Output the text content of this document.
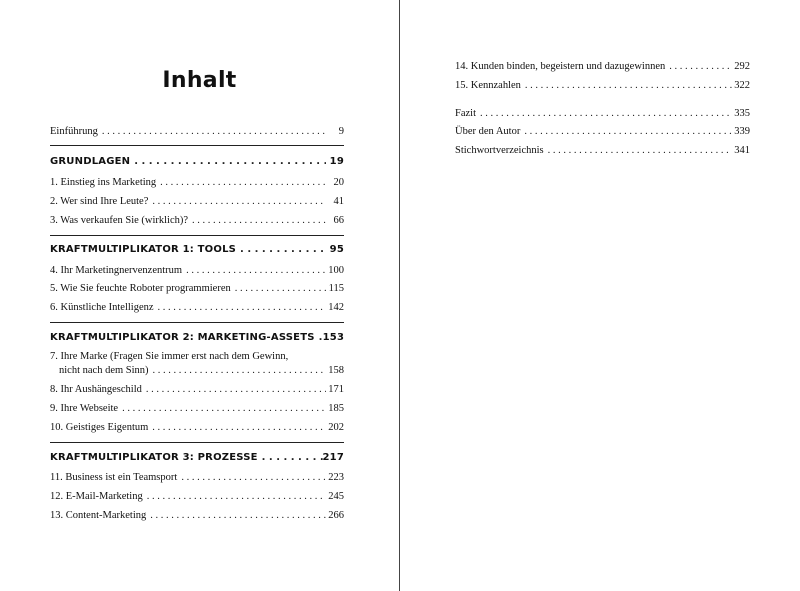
Inhalt
Einführung . . .	9
GRUNDLAGEN . . .	19
1. Einstieg ins Marketing . . .	20
2. Wer sind Ihre Leute? . . .	41
3. Was verkaufen Sie (wirklich)? . . .	66
KRAFTMULTIPLIKATOR 1: TOOLS . . .	95
4. Ihr Marketingnervenzentrum . . .	100
5. Wie Sie feuchte Roboter programmieren . . .	115
6. Künstliche Intelligenz . . .	142
KRAFTMULTIPLIKATOR 2: MARKETING-ASSETS . . . 153
7. Ihre Marke (Fragen Sie immer erst nach dem Gewinn,
nicht nach dem Sinn) . . .	158
8. Ihr Aushängeschild . . .	171
9. Ihre Webseite . . .	185
10. Geistiges Eigentum . . .	202
KRAFTMULTIPLIKATOR 3: PROZESSE . . .	217
11. Business ist ein Teamsport . . .	223
12. E-Mail-Marketing . . .	245
13. Content-Marketing . . .	266
14. Kunden binden, begeistern und dazugewinnen . . .	292
15. Kennzahlen . . .	322
Fazit . . .	335
Über den Autor . . .	339
Stichwortverzeichnis . . .	341
